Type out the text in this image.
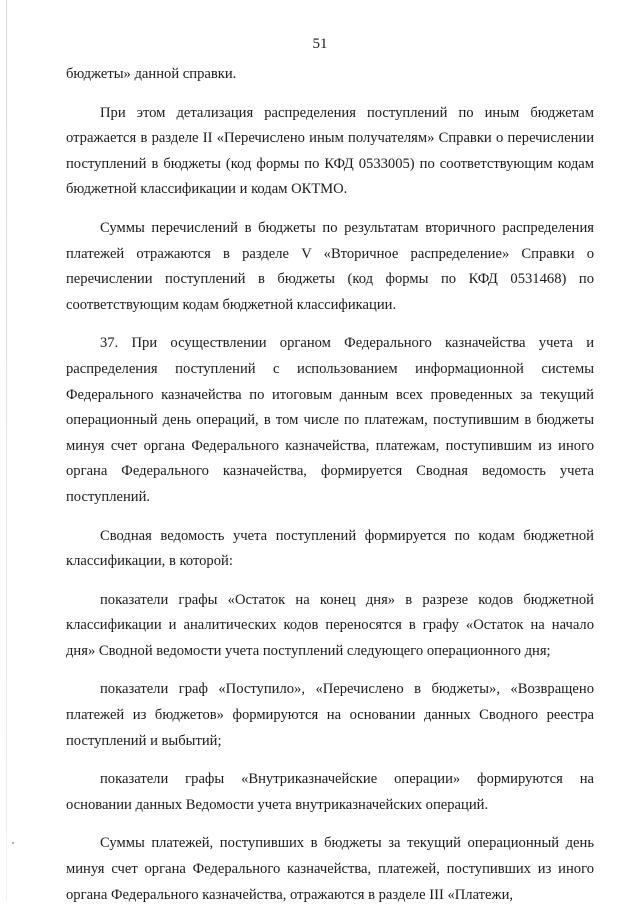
51

бюджеты» данной справки.

При этом детализация распределения поступлений по иным бюджетам отражается в разделе II «Перечислено иным получателям» Справки о перечислении поступлений в бюджеты (код формы по КФД 0533005) по соответствующим кодам бюджетной классификации и кодам ОКТМО.

Суммы перечислений в бюджеты по результатам вторичного распределения платежей отражаются в разделе V «Вторичное распределение» Справки о перечислении поступлений в бюджеты (код формы по КФД 0531468) по соответствующим кодам бюджетной классификации.

37. При осуществлении органом Федерального казначейства учета и распределения поступлений с использованием информационной системы Федерального казначейства по итоговым данным всех проведенных за текущий операционный день операций, в том числе по платежам, поступившим в бюджеты минуя счет органа Федерального казначейства, платежам, поступившим из иного органа Федерального казначейства, формируется Сводная ведомость учета поступлений.

Сводная ведомость учета поступлений формируется по кодам бюджетной классификации, в которой:

показатели графы «Остаток на конец дня» в разрезе кодов бюджетной классификации и аналитических кодов переносятся в графу «Остаток на начало дня» Сводной ведомости учета поступлений следующего операционного дня;

показатели граф «Поступило», «Перечислено в бюджеты», «Возвращено платежей из бюджетов» формируются на основании данных Сводного реестра поступлений и выбытий;

показатели графы «Внутриказначейские операции» формируются на основании данных Ведомости учета внутриказначейских операций.

Суммы платежей, поступивших в бюджеты за текущий операционный день минуя счет органа Федерального казначейства, платежей, поступивших из иного органа Федерального казначейства, отражаются в разделе III «Платежи,
